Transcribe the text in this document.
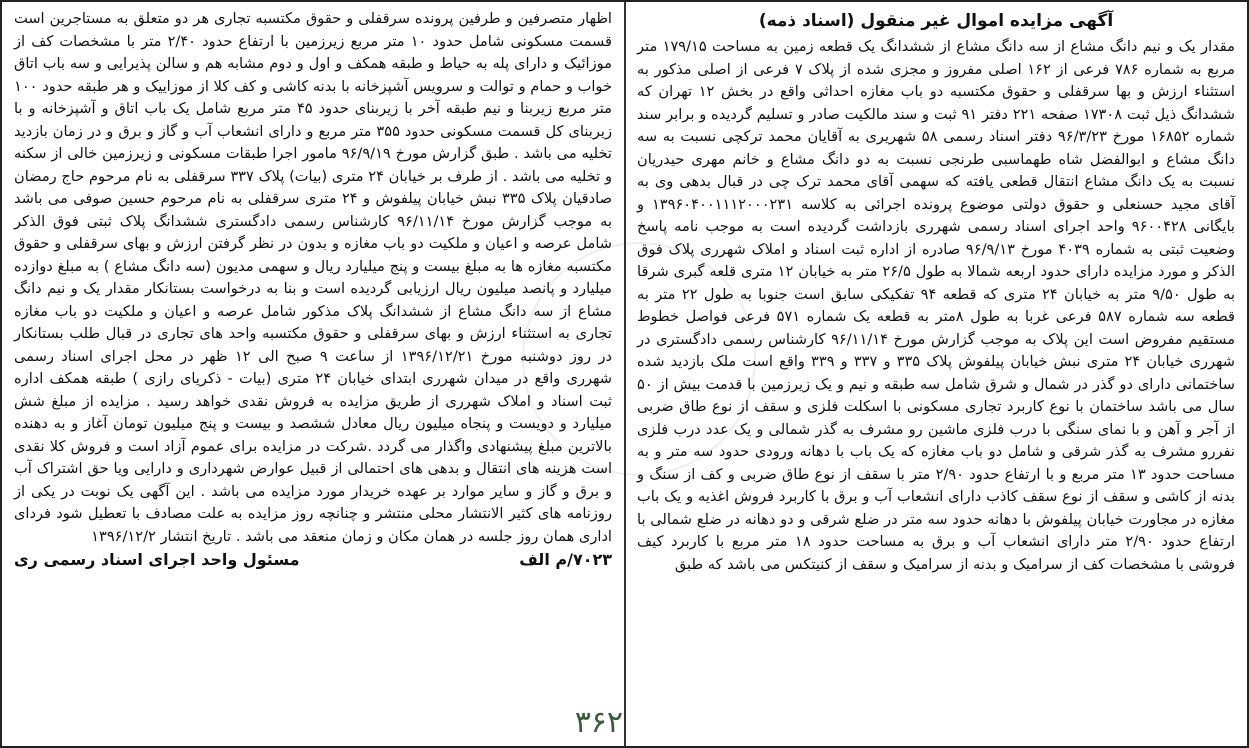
آگهی مزایده اموال غیر منقول (اسناد ذمه)
مقدار یک و نیم دانگ مشاع از سه دانگ مشاع از ششدانگ یک قطعه زمین به مساحت ۱۷۹/۱۵ متر مربع به شماره ۷۸۶ فرعی از ۱۶۲ اصلی مفروز و مجزی شده از پلاک ۷ فرعی از اصلی مذکور به استثناء ارزش و بها سرقفلی و حقوق مکتسبه دو باب مغازه احداثی واقع در بخش ۱۲ تهران که ششدانگ ذیل ثبت ۱۷۳۰۸ صفحه ۲۲۱ دفتر ۹۱ ثبت و سند مالکیت صادر و تسلیم گردیده و برابر سند شماره ۱۶۸۵۲ مورخ ۹۶/۳/۲۳ دفتر اسناد رسمی ۵۸ شهریری به آقایان محمد ترکچی نسبت به سه دانگ مشاع و ابوالفضل شاه طهماسبی طرنجی نسبت به دو دانگ مشاع و خانم مهری حیدریان نسبت به یک دانگ مشاع انتقال قطعی یافته که سهمی آقای محمد ترک چی در قبال بدهی وی به آقای مجید حسنعلی و حقوق دولتی موضوع پرونده اجرائی به کلاسه ۱۳۹۶۰۴۰۰۱۱۱۲۰۰۰۲۳۱ و بایگانی ۹۶۰۰۴۲۸ واحد اجرای اسناد رسمی شهرری بازداشت گردیده است به موجب نامه پاسخ وضعیت ثبتی به شماره ۴۰۳۹ مورخ ۹۶/۹/۱۳ صادره از اداره ثبت اسناد و املاک شهرری پلاک فوق الذکر و مورد مزایده دارای حدود اربعه شمالا به طول ۲۶/۵ متر به خیابان ۱۲ متری قلعه گبری شرقا به طول ۹/۵۰ متر به خیابان ۲۴ متری که قطعه ۹۴ تفکیکی سابق است جنوبا به طول ۲۲ متر به قطعه سه شماره ۵۸۷ فرعی غربا به طول ۸متر به قطعه یک شماره ۵۷۱ فرعی فواصل خطوط مستقیم مفروض است این پلاک به موجب گزارش مورخ ۹۶/۱۱/۱۴ کارشناس رسمی دادگستری در شهرری خیابان ۲۴ متری نبش خیابان پیلفوش پلاک ۳۳۵ و ۳۳۷ و ۳۳۹ واقع است ملک بازدید شده ساختمانی دارای دو گذر در شمال و شرق شامل سه طبقه و نیم و یک زیرزمین با قدمت بیش از ۵۰ سال می باشد ساختمان با نوع کاربرد تجاری مسکونی با اسکلت فلزی و سقف از نوع طاق ضربی از آجر و آهن و با نمای سنگی با درب فلزی ماشین رو مشرف به گذر شمالی و یک عدد درب فلزی نفررو مشرف به گذر شرقی و شامل دو باب مغازه که یک باب با دهانه ورودی حدود سه متر و به مساحت حدود ۱۳ متر مربع و با ارتفاع حدود ۲/۹۰ متر با سقف از نوع طاق ضربی و کف از سنگ و بدنه از کاشی و سقف از نوع سقف کاذب دارای انشعاب آب و برق با کاربرد فروش اغذیه و یک باب مغازه در مجاورت خیابان پیلفوش با دهانه حدود سه متر در ضلع شرقی و دو دهانه در ضلع شمالی با ارتفاع حدود ۲/۹۰ متر دارای انشعاب آب و برق به مساحت حدود ۱۸ متر مربع با کاربرد کیف فروشی با مشخصات کف از سرامیک و بدنه از سرامیک و سقف از کنیتکس می باشد که طبق
اظهار متصرفین و طرفین پرونده سرقفلی و حقوق مکتسبه تجاری هر دو متعلق به مستاجرین است قسمت مسکونی شامل حدود ۱۰ متر مربع زیرزمین با ارتفاع حدود ۲/۴۰ متر با مشخصات کف از موزائیک و دارای پله به حیاط و طبقه همکف و اول و دوم مشابه هم و سالن پذیرایی و سه باب اتاق خواب و حمام و توالت و سرویس آشپزخانه با بدنه کاشی و کف کلا از موزاییک و هر طبقه حدود ۱۰۰ متر مربع زیربنا و نیم طبقه آخر با زیربنای حدود ۴۵ متر مربع شامل یک باب اتاق و آشپزخانه و با زیربنای کل قسمت مسکونی حدود ۳۵۵ متر مربع و دارای انشعاب آب و گاز و برق و در زمان بازدید تخلیه می باشد . طبق گزارش مورخ ۹۶/۹/۱۹ مامور اجرا طبقات مسکونی و زیرزمین خالی از سکنه و تخلیه می باشد . از طرف بر خیابان ۲۴ متری (بیات) پلاک ۳۳۷ سرقفلی به نام مرحوم حاج رمضان صادقیان پلاک ۳۳۵ نبش خیابان پیلفوش و ۲۴ متری سرقفلی به نام مرحوم حسین صوفی می باشد به موجب گزارش مورخ ۹۶/۱۱/۱۴ کارشناس رسمی دادگستری ششدانگ پلاک ثبتی فوق الذکر شامل عرصه و اعیان و ملکیت دو باب مغازه و بدون در نظر گرفتن ارزش و بهای سرقفلی و حقوق مکتسبه مغازه ها به مبلغ بیست و پنج میلیارد ریال و سهمی مدیون (سه دانگ مشاع ) به مبلغ دوازده میلیارد و پانصد میلیون ریال ارزیابی گردیده است و بنا به درخواست بستانکار مقدار یک و نیم دانگ مشاع از سه دانگ مشاع از ششدانگ پلاک مذکور شامل عرصه و اعیان و ملکیت دو باب مغازه تجاری به استثناء ارزش و بهای سرقفلی و حقوق مکتسبه واحد های تجاری در قبال طلب بستانکار در روز دوشنبه مورخ ۱۳۹۶/۱۲/۲۱ از ساعت ۹ صبح الی ۱۲ ظهر در محل اجرای اسناد رسمی شهرری واقع در میدان شهرری ابتدای خیابان ۲۴ متری (بیات - ذکریای رازی ) طبقه همکف اداره ثبت اسناد و املاک شهرری از طریق مزایده به فروش نقدی خواهد رسید . مزایده از مبلغ شش میلیارد و دویست و پنجاه میلیون ریال معادل ششصد و بیست و پنج میلیون تومان آغاز و به دهنده بالاترین مبلغ پیشنهادی واگذار می گردد .شرکت در مزایده برای عموم آزاد است و فروش کلا نقدی است هزینه های انتقال و بدهی های احتمالی از قبیل عوارض شهرداری و دارایی ویا حق اشتراک آب و برق و گاز و سایر موارد بر عهده خریدار مورد مزایده می باشد . این آگهی یک نوبت در یکی از روزنامه های کثیر الانتشار محلی منتشر و چنانچه روز مزایده به علت مصادف با تعطیل شود فردای اداری همان روز جلسه در همان مکان و زمان منعقد می باشد . تاریخ انتشار ۱۳۹۶/۱۲/۲
۷۰۲۳/م الف
مسئول واحد اجرای اسناد رسمی ری
۳۶۲
